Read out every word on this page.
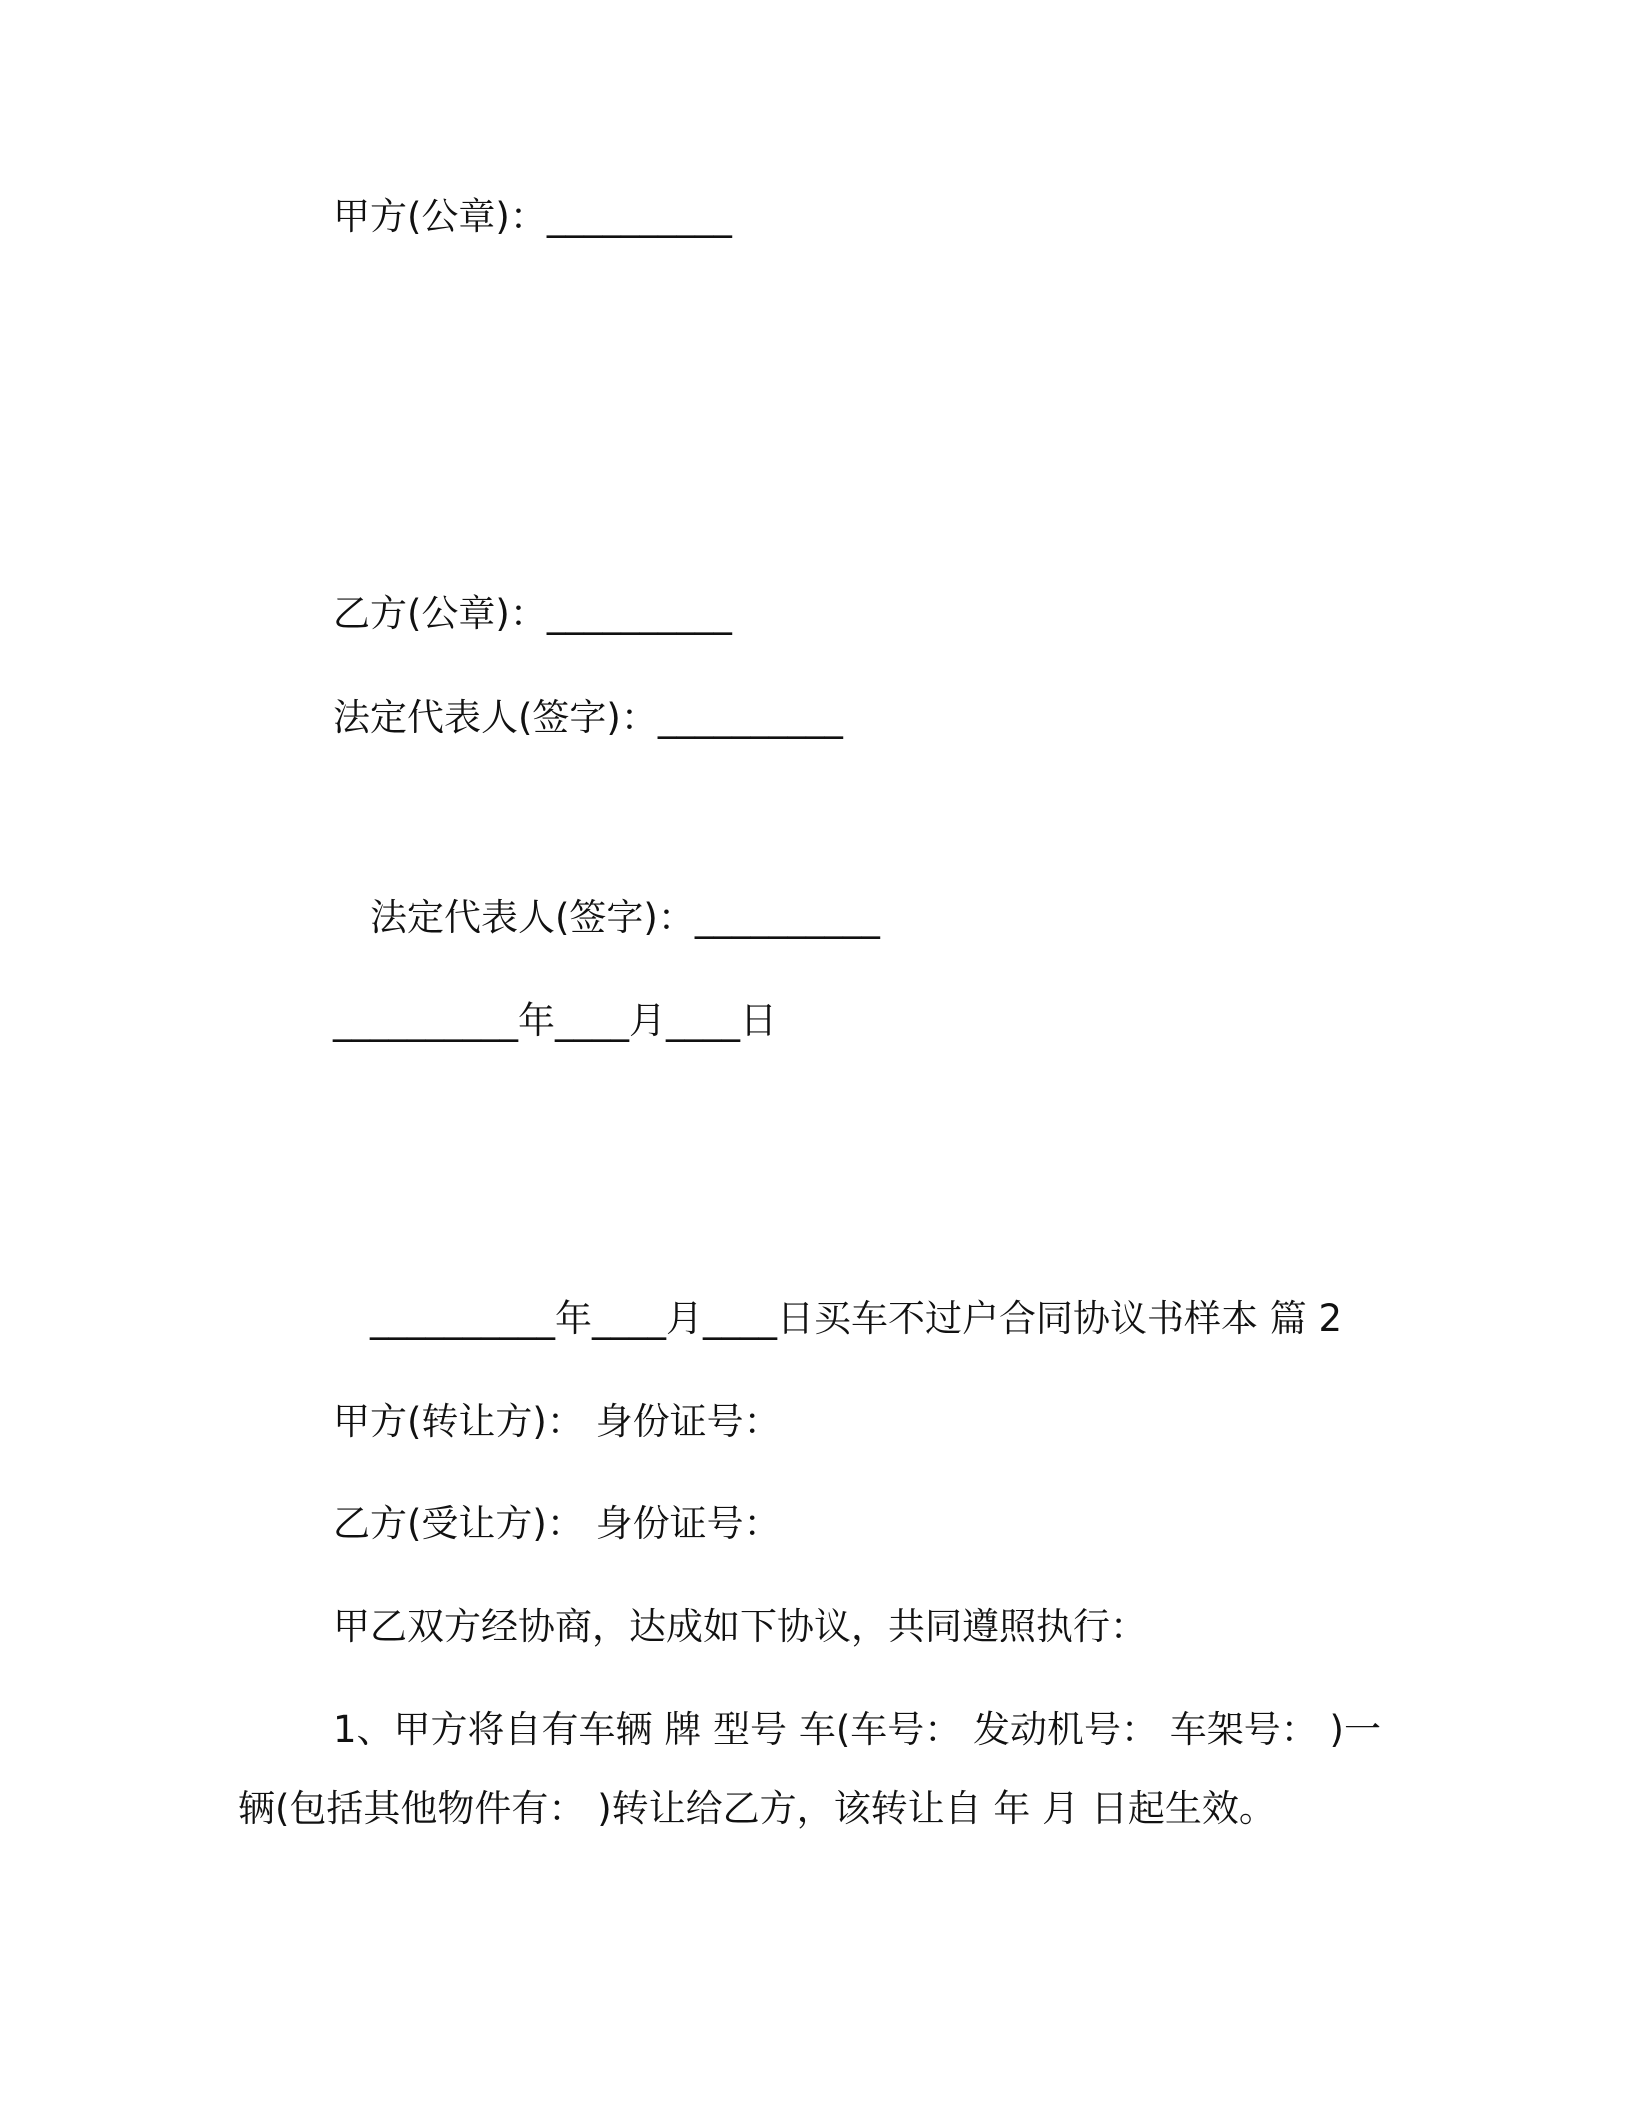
甲方(公章)：__________
乙方(公章)：__________
法定代表人(签字)：__________
法定代表人(签字)：__________
__________年____月____日
__________年____月____日买车不过户合同协议书样本 篇 2
甲方(转让方)： 身份证号：
乙方(受让方)： 身份证号：
甲乙双方经协商，达成如下协议，共同遵照执行：
1、甲方将自有车辆 牌 型号 车(车号： 发动机号： 车架号： )一
辆(包括其他物件有： )转让给乙方，该转让自 年 月 日起生效。
